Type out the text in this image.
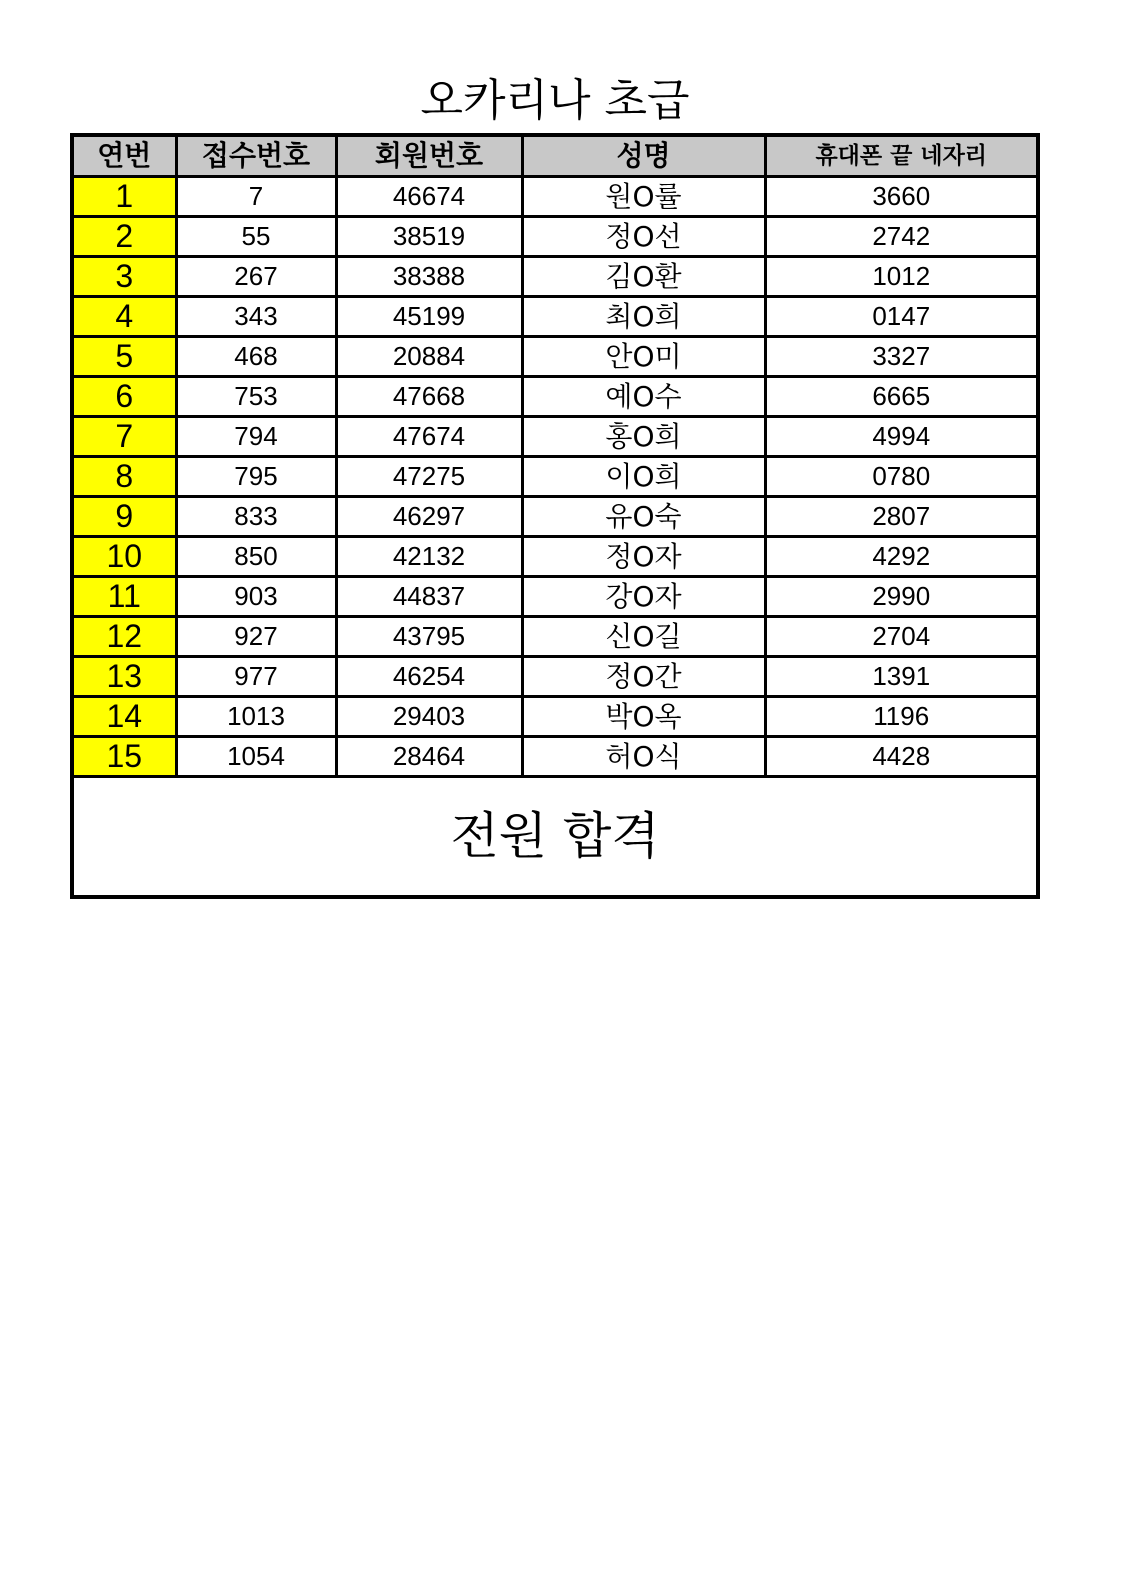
오카리나 초급
연번	접수번호	회원번호	성명	휴대폰 끝 네자리
1	7	46674	원O률	3660
2	55	38519	정O선	2742
3	267	38388	김O환	1012
4	343	45199	최O희	0147
5	468	20884	안O미	3327
6	753	47668	예O수	6665
7	794	47674	홍O희	4994
8	795	47275	이O희	0780
9	833	46297	유O숙	2807
10	850	42132	정O자	4292
11	903	44837	강O자	2990
12	927	43795	신O길	2704
13	977	46254	정O간	1391
14	1013	29403	박O옥	1196
15	1054	28464	허O식	4428
전원 합격				
